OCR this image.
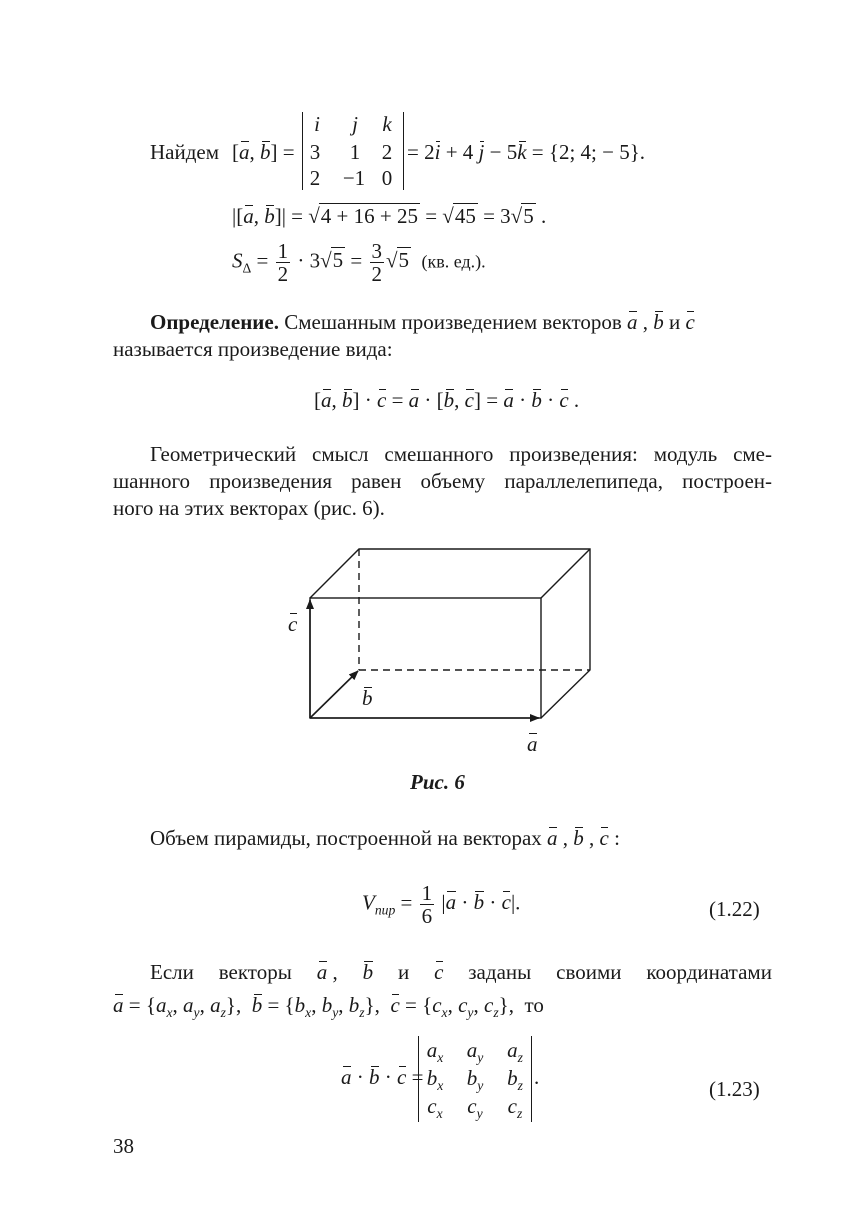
Найдем [a, b] =
i	j	k
3	1	2
2 −1 0
= 2i + 4 j − 5k = {2; 4; − 5}.
|[a, b]| = √4 + 16 + 25 = √45 = 3√5 .
$S_\Delta = \frac{1}{2} \cdot 3√5 = \frac{3}{2} √5$ (кв. ед.).
Определение. Смешанным произведением векторов a , b и c
называется произведение вида:
[a, b] · c = a · [b, c] = a · b · c .
Геометрический смысл смешанного произведения: модуль сме-
шанного произведения равен объему параллелепипеда, построен-
ного на этих векторах (рис. 6).
c
b
a
Рис. 6
Объем пирамиды, построенной на векторах a , b , c :
$V_{пир} = \frac{1}{6} |a \cdot b \cdot c|$.	(1.22)
Если векторы a , b и c заданы своими координатами
$a = \{a_x$, $a_y$, $a_z$},  $b = \{b_x$, $b_y$, $b_z$},  $c = \{c_x$, $c_y$, $c_z$},  то
a · b · c =
$a_x$ $a_y$ $a_z$
$b_x$ $b_y$ $b_z$
$c_x$ $c_y$ $c_z$
.	(1.23)
38
